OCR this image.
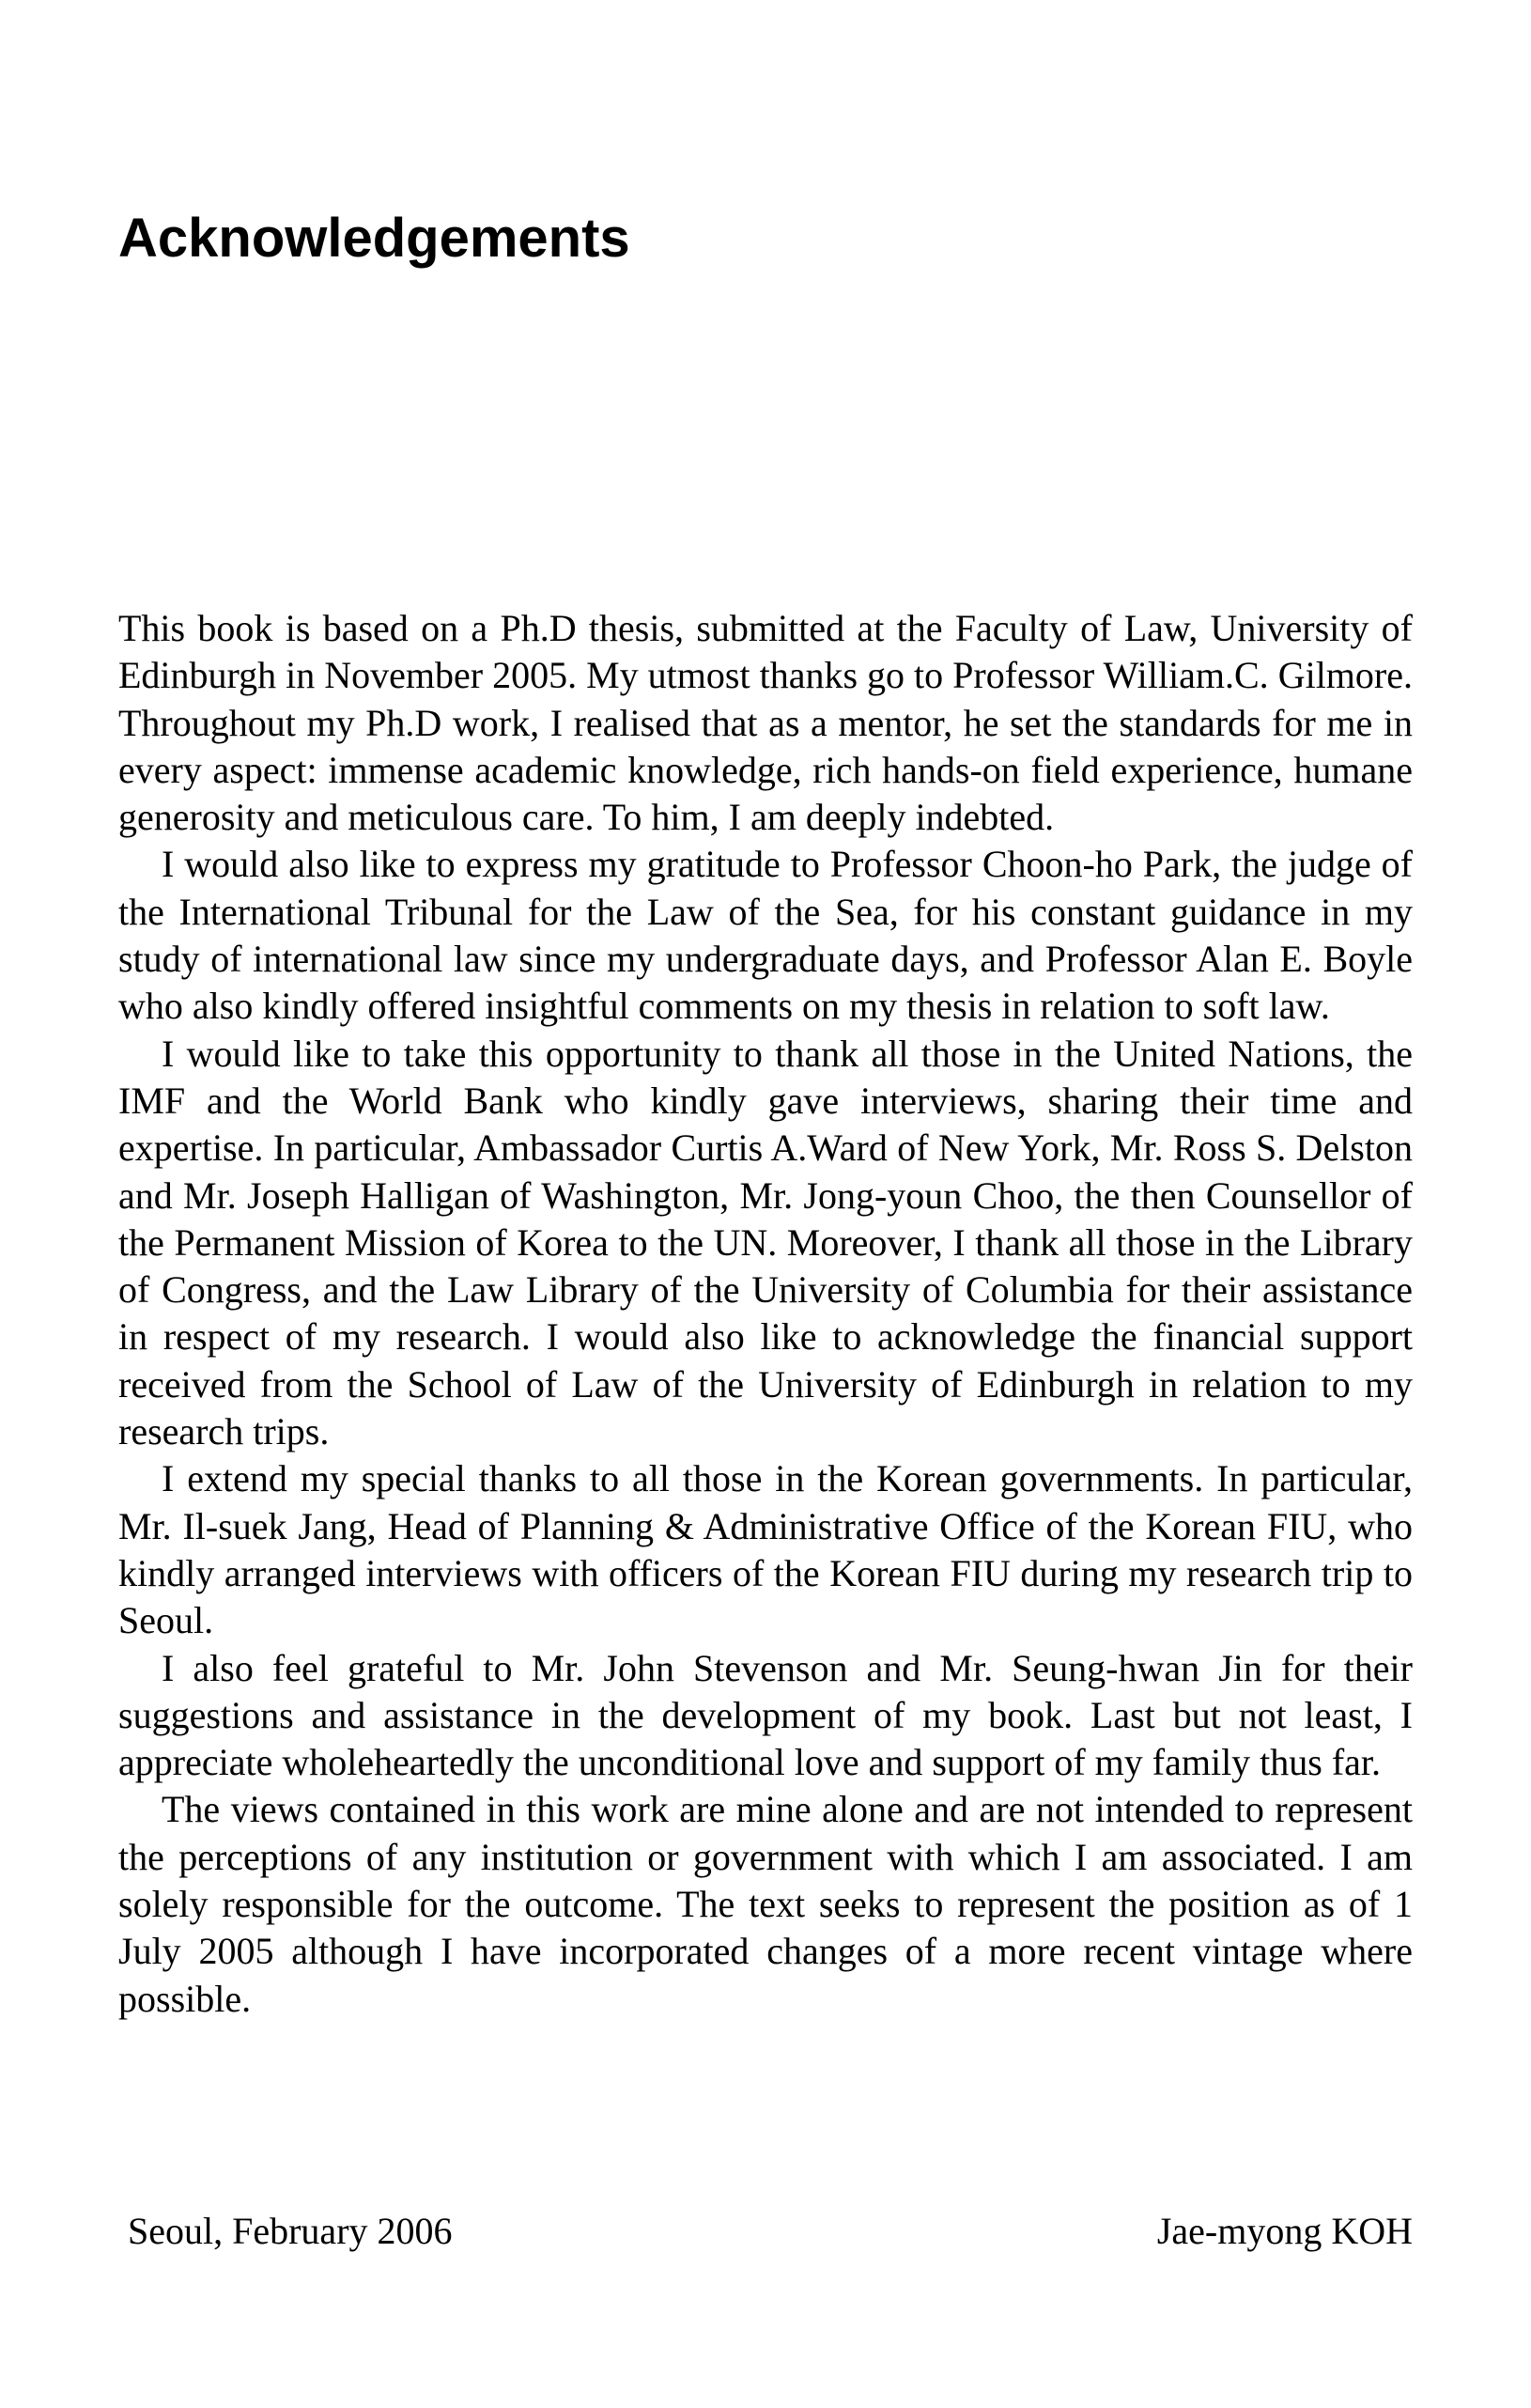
Acknowledgements

This book is based on a Ph.D thesis, submitted at the Faculty of Law, University of Edinburgh in November 2005. My utmost thanks go to Professor William.C. Gilmore. Throughout my Ph.D work, I realised that as a mentor, he set the standards for me in every aspect: immense academic knowledge, rich hands-on field experience, humane generosity and meticulous care. To him, I am deeply indebted.

I would also like to express my gratitude to Professor Choon-ho Park, the judge of the International Tribunal for the Law of the Sea, for his constant guidance in my study of international law since my undergraduate days, and Professor Alan E. Boyle who also kindly offered insightful comments on my thesis in relation to soft law.

I would like to take this opportunity to thank all those in the United Nations, the IMF and the World Bank who kindly gave interviews, sharing their time and expertise. In particular, Ambassador Curtis A.Ward of New York, Mr. Ross S. Delston and Mr. Joseph Halligan of Washington, Mr. Jong-youn Choo, the then Counsellor of the Permanent Mission of Korea to the UN. Moreover, I thank all those in the Library of Congress, and the Law Library of the University of Columbia for their assistance in respect of my research. I would also like to acknowledge the financial support received from the School of Law of the University of Edinburgh in relation to my research trips.

I extend my special thanks to all those in the Korean governments. In particular, Mr. Il-suek Jang, Head of Planning & Administrative Office of the Korean FIU, who kindly arranged interviews with officers of the Korean FIU during my research trip to Seoul.

I also feel grateful to Mr. John Stevenson and Mr. Seung-hwan Jin for their suggestions and assistance in the development of my book. Last but not least, I appreciate wholeheartedly the unconditional love and support of my family thus far.

The views contained in this work are mine alone and are not intended to represent the perceptions of any institution or government with which I am associated. I am solely responsible for the outcome. The text seeks to represent the position as of 1 July 2005 although I have incorporated changes of a more recent vintage where possible.

Seoul, February 2006	Jae-myong KOH
